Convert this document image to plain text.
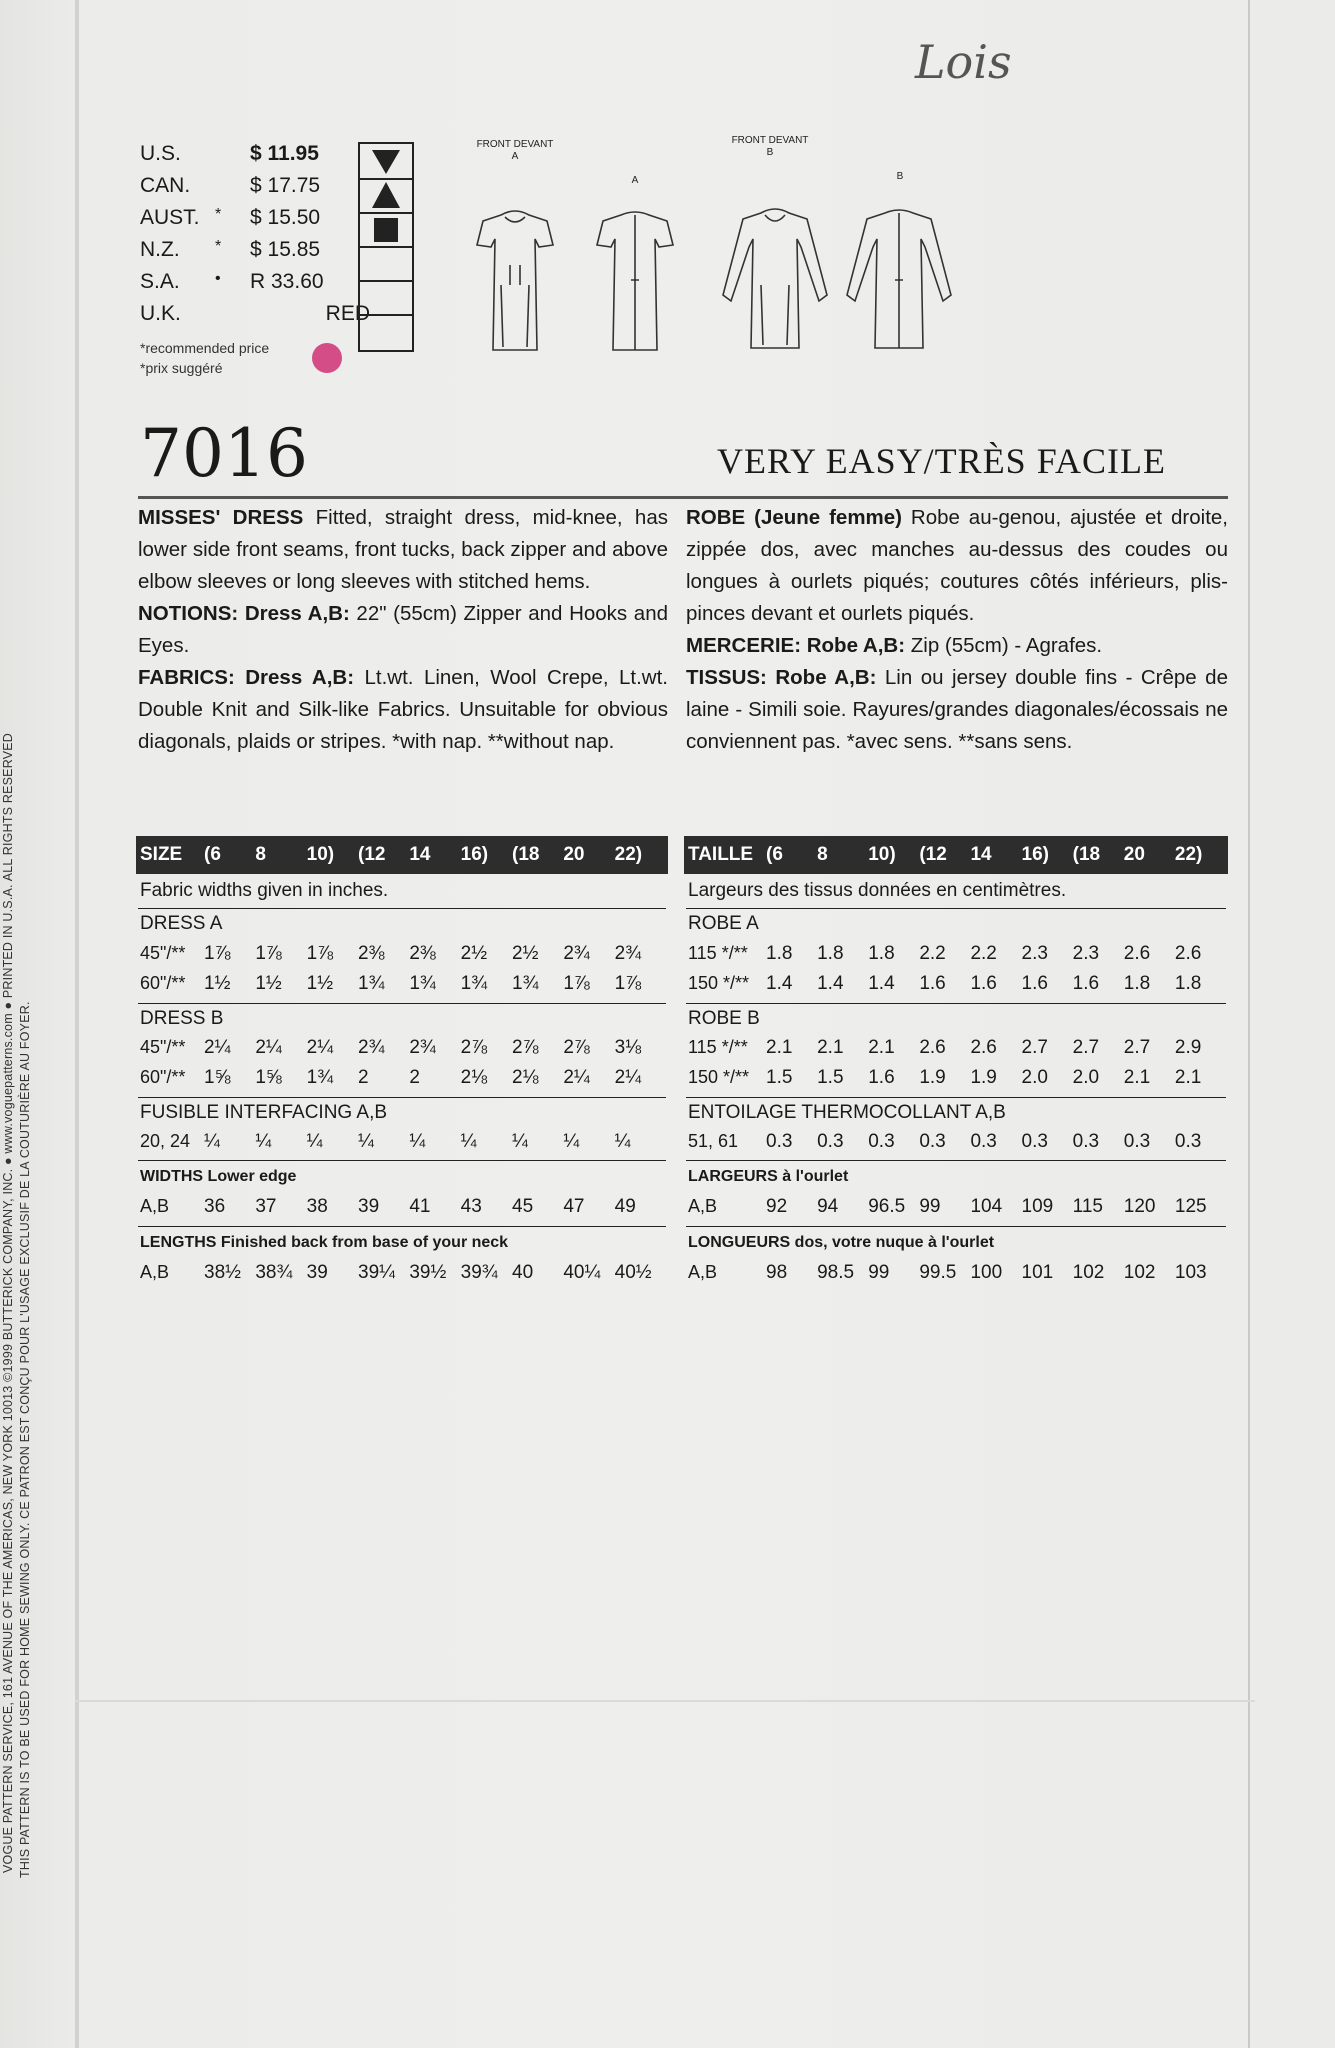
VOGUE PATTERN SERVICE, 161 AVENUE OF THE AMERICAS, NEW YORK 10013 ©1999 BUTTERICK COMPANY, INC. ● www.voguepatterns.com ● PRINTED IN U.S.A. ALL RIGHTS RESERVED THIS PATTERN IS TO BE USED FOR HOME SEWING ONLY. CE PATRON EST CONÇU POUR L'USAGE EXCLUSIF DE LA COUTURIÈRE AU FOYER.
Lois
U.S.	$ 11.95
CAN.	$ 17.75
AUST. * $ 15.50
N.Z. * $ 15.85
S.A. • R 33.60
U.K.	RED
*recommended price
*prix suggéré
FRONT DEVANT A
A
FRONT DEVANT B
B
7016	VERY EASY/TRÈS FACILE
MISSES' DRESS Fitted, straight dress, mid-knee, has lower side front seams, front tucks, back zipper and above elbow sleeves or long sleeves with stitched hems.
NOTIONS: Dress A,B: 22" (55cm) Zipper and Hooks and Eyes.
FABRICS: Dress A,B: Lt.wt. Linen, Wool Crepe, Lt.wt. Double Knit and Silk-like Fabrics. Unsuitable for obvious diagonals, plaids or stripes. *with nap. **without nap.
ROBE (Jeune femme) Robe au-genou, ajustée et droite, zippée dos, avec manches au-dessus des coudes ou longues à ourlets piqués; coutures côtés inférieurs, plis-pinces devant et ourlets piqués.
MERCERIE: Robe A,B: Zip (55cm) - Agrafes.
TISSUS: Robe A,B: Lin ou jersey double fins - Crêpe de laine - Simili soie. Rayures/grandes diagonales/écossais ne conviennent pas. *avec sens. **sans sens.
SIZE (6 8 10) (12 14 16) (18 20 22)
Fabric widths given in inches.
DRESS A
45"/** 1⅞ 1⅞ 1⅞ 2⅜ 2⅜ 2½ 2½ 2¾ 2¾
60"/** 1½ 1½ 1½ 1¾ 1¾ 1¾ 1¾ 1⅞ 1⅞
DRESS B
45"/** 2¼ 2¼ 2¼ 2¾ 2¾ 2⅞ 2⅞ 2⅞ 3⅛
60"/** 1⅝ 1⅝ 1¾ 2 2 2⅛ 2⅛ 2¼ 2¼
FUSIBLE INTERFACING A,B
20, 24 ¼ ¼ ¼ ¼ ¼ ¼ ¼ ¼ ¼
WIDTHS Lower edge
A,B 36 37 38 39 41 43 45 47 49
LENGTHS Finished back from base of your neck
A,B 38½ 38¾ 39 39¼ 39½ 39¾ 40 40¼ 40½
TAILLE (6 8 10) (12 14 16) (18 20 22)
Largeurs des tissus données en centimètres.
ROBE A
115 */** 1.8 1.8 1.8 2.2 2.2 2.3 2.3 2.6 2.6
150 */** 1.4 1.4 1.4 1.6 1.6 1.6 1.6 1.8 1.8
ROBE B
115 */** 2.1 2.1 2.1 2.6 2.6 2.7 2.7 2.7 2.9
150 */** 1.5 1.5 1.6 1.9 1.9 2.0 2.0 2.1 2.1
ENTOILAGE THERMOCOLLANT A,B
51, 61 0.3 0.3 0.3 0.3 0.3 0.3 0.3 0.3 0.3
LARGEURS à l'ourlet
A,B	92 94 96.5 99 104 109 115 120 125
LONGUEURS dos, votre nuque à l'ourlet
A,B	98 98.5 99 99.5 100 101 102 102 103
